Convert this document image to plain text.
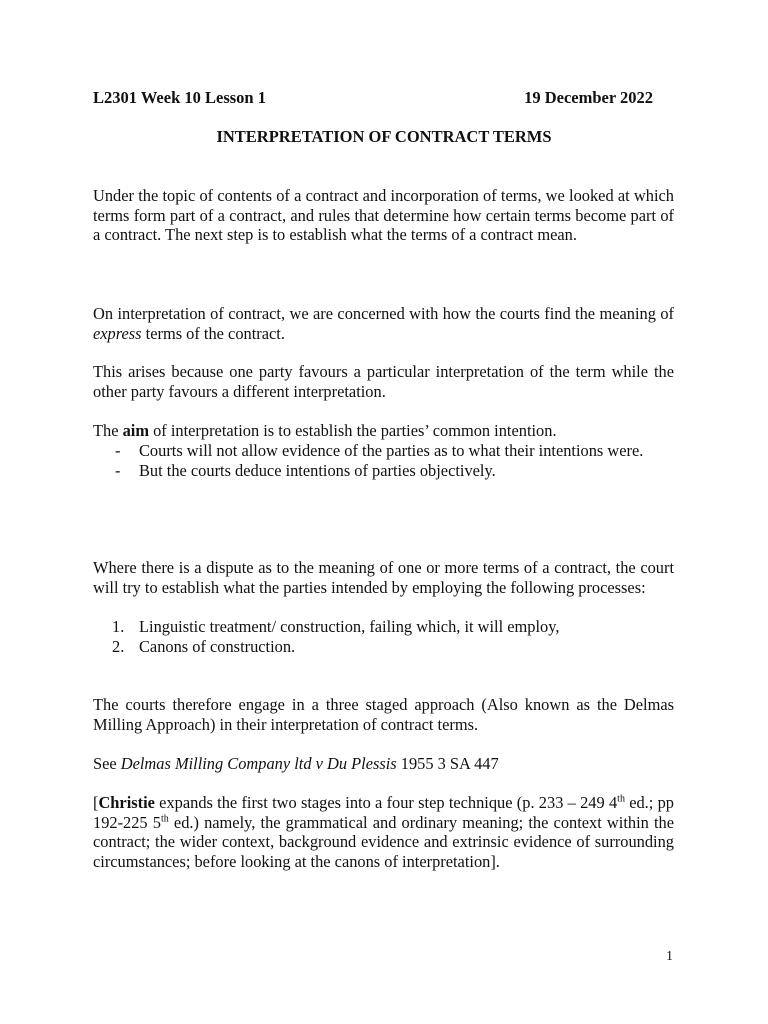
L2301 Week 10 Lesson 1	19 December 2022
INTERPRETATION OF CONTRACT TERMS

Under the topic of contents of a contract and incorporation of terms, we looked at which terms form part of a contract, and rules that determine how certain terms become part of a contract. The next step is to establish what the terms of a contract mean.

On interpretation of contract, we are concerned with how the courts find the meaning of express terms of the contract.

This arises because one party favours a particular interpretation of the term while the other party favours a different interpretation.

The aim of interpretation is to establish the parties’ common intention.

- Courts will not allow evidence of the parties as to what their intentions were.
- But the courts deduce intentions of parties objectively.

Where there is a dispute as to the meaning of one or more terms of a contract, the court will try to establish what the parties intended by employing the following processes:

1. Linguistic treatment/ construction, failing which, it will employ,
2. Canons of construction.

The courts therefore engage in a three staged approach (Also known as the Delmas Milling Approach) in their interpretation of contract terms.

See Delmas Milling Company ltd v Du Plessis 1955 3 SA 447

[Christie expands the first two stages into a four step technique (p. 233 – 249 4th ed.; pp 192-225 5th ed.) namely, the grammatical and ordinary meaning; the context within the contract; the wider context, background evidence and extrinsic evidence of surrounding circumstances; before looking at the canons of interpretation].

1
